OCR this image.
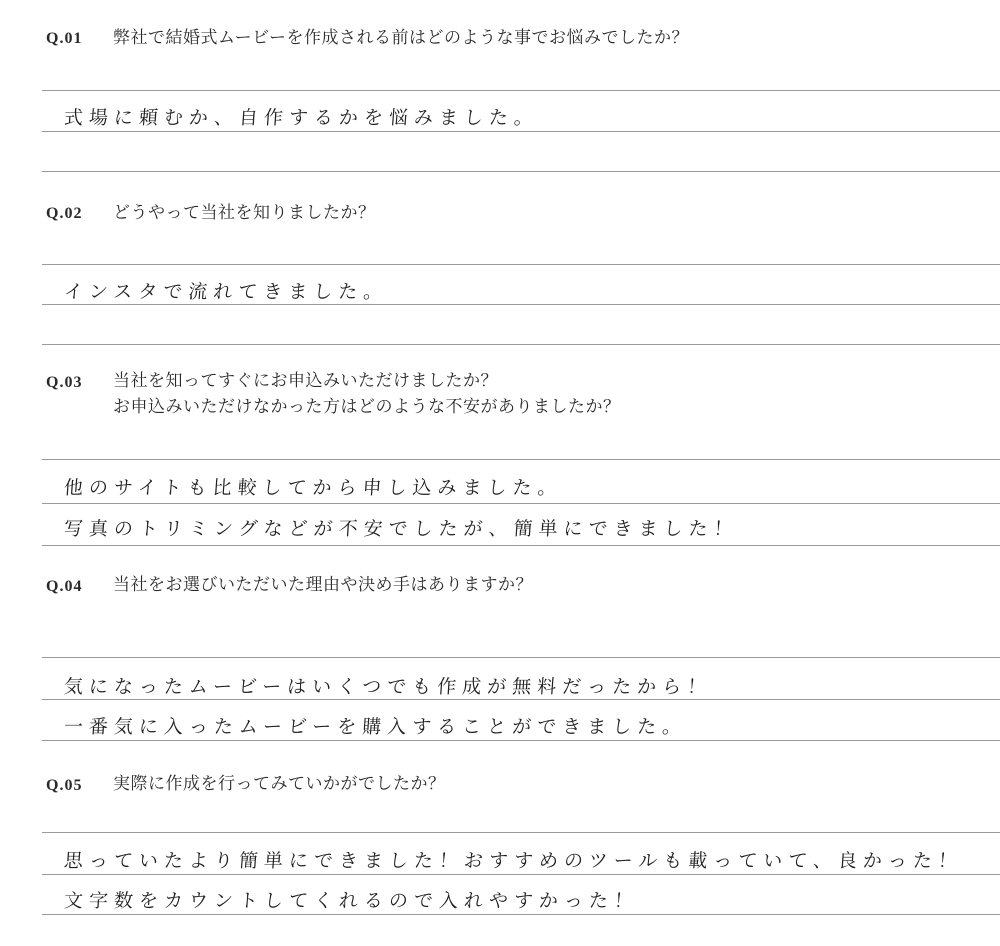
Q.01 弊社で結婚式ムービーを作成される前はどのような事でお悩みでしたか？
式場に頼むか、自作するかを悩みました。
Q.02 どうやって当社を知りましたか？
インスタで流れてきました。
Q.03 当社を知ってすぐにお申込みいただけましたか？
お申込みいただけなかった方はどのような不安がありましたか？
他のサイトも比較してから申し込みました。
写真のトリミングなどが不安でしたが、簡単にできました！
Q.04 当社をお選びいただいた理由や決め手はありますか？
気になったムービーはいくつでも作成が無料だったから！
一番気に入ったムービーを購入することができました。
Q.05 実際に作成を行ってみていかがでしたか？
思っていたより簡単にできました！おすすめのツールも載っていて、良かった！
文字数をカウントしてくれるので入れやすかった！
